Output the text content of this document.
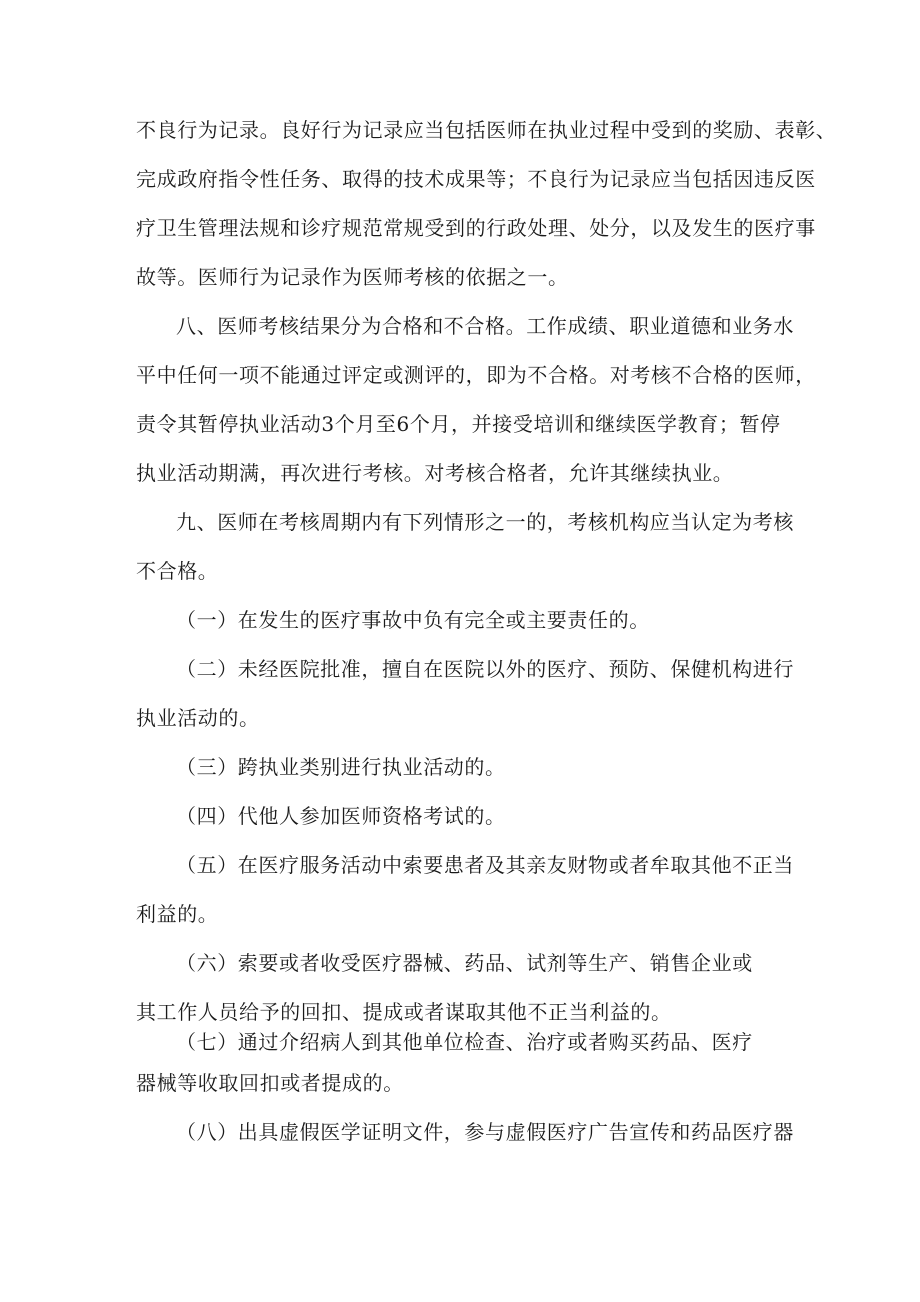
不良行为记录。良好行为记录应当包括医师在执业过程中受到的奖励、表彰、
完成政府指令性任务、取得的技术成果等；不良行为记录应当包括因违反医
疗卫生管理法规和诊疗规范常规受到的行政处理、处分，以及发生的医疗事
故等。医师行为记录作为医师考核的依据之一。
八、医师考核结果分为合格和不合格。工作成绩、职业道德和业务水
平中任何一项不能通过评定或测评的，即为不合格。对考核不合格的医师，
责令其暂停执业活动3个月至6个月，并接受培训和继续医学教育；暂停
执业活动期满，再次进行考核。对考核合格者，允许其继续执业。
九、医师在考核周期内有下列情形之一的，考核机构应当认定为考核
不合格。
（一）在发生的医疗事故中负有完全或主要责任的。
（二）未经医院批准，擅自在医院以外的医疗、预防、保健机构进行
执业活动的。
（三）跨执业类别进行执业活动的。
（四）代他人参加医师资格考试的。
（五）在医疗服务活动中索要患者及其亲友财物或者牟取其他不正当
利益的。
（六）索要或者收受医疗器械、药品、试剂等生产、销售企业或
其工作人员给予的回扣、提成或者谋取其他不正当利益的。
（七）通过介绍病人到其他单位检查、治疗或者购买药品、医疗
器械等收取回扣或者提成的。
（八）出具虚假医学证明文件，参与虚假医疗广告宣传和药品医疗器
